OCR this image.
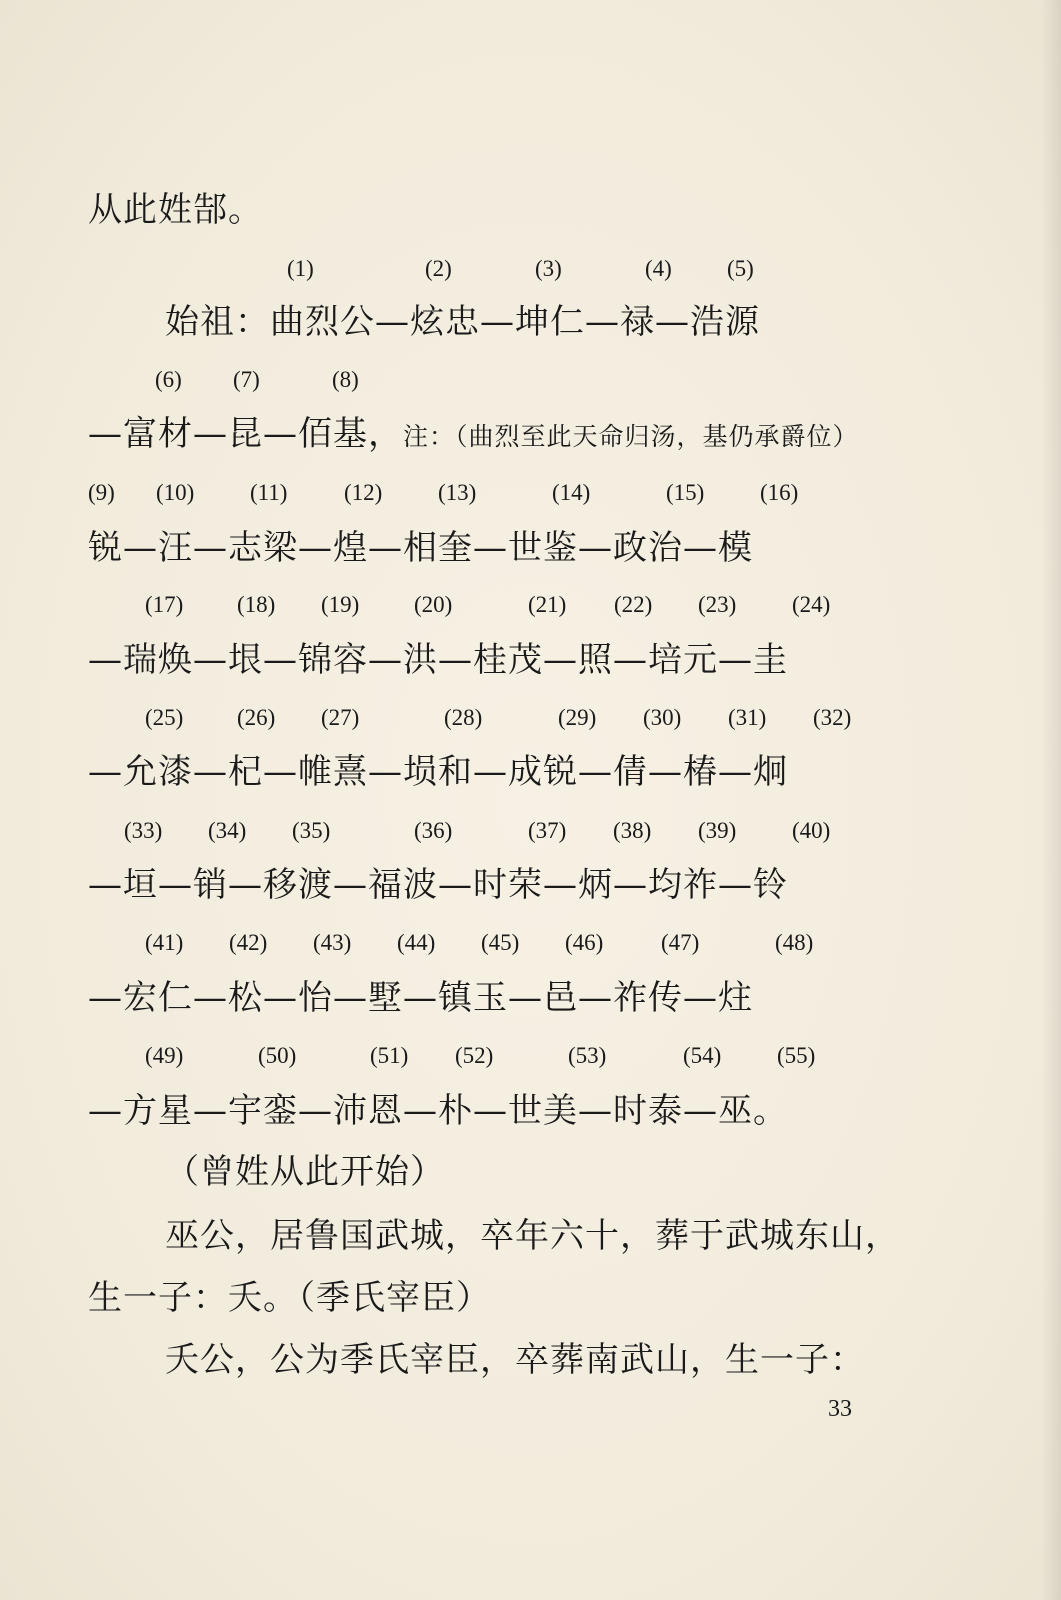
从此姓郜。
(1)	(2)	(3)	(4) (5)
始祖：曲烈公—炫忠—坤仁—禄—浩源
(6) (7)	(8)
—富材—昆—佰基，注：（曲烈至此天命归汤，基仍承爵位）
(9) (10) (11) (12) (13)	(14)	(15) (16)
锐—汪—志梁—煌—相奎—世鉴—政治—模
(17) (18) (19) (20)	(21) (22) (23) (24)
—瑞焕—垠—锦容—洪—桂茂—照—培元—圭
(25) (26) (27)	(28)	(29) (30) (31) (32)
—允漆—杞—帷熹—埙和—成锐—倩—椿—炯
(33) (34) (35)	(36)	(37) (38) (39) (40)
—垣—销—移渡—福波—时荣—炳—均祚—铃
(41) (42) (43) (44) (45) (46)	(47)	(48)
—宏仁—松—怡—墅—镇玉—邑—祚传—炷
(49)	(50)	(51) (52)	(53)	(54) (55)
—方星—宇銮—沛恩—朴—世美—时泰—巫。
（曾姓从此开始）
巫公，居鲁国武城，卒年六十，葬于武城东山，
生一子：夭。（季氏宰臣）
夭公，公为季氏宰臣，卒葬南武山，生一子：
33
